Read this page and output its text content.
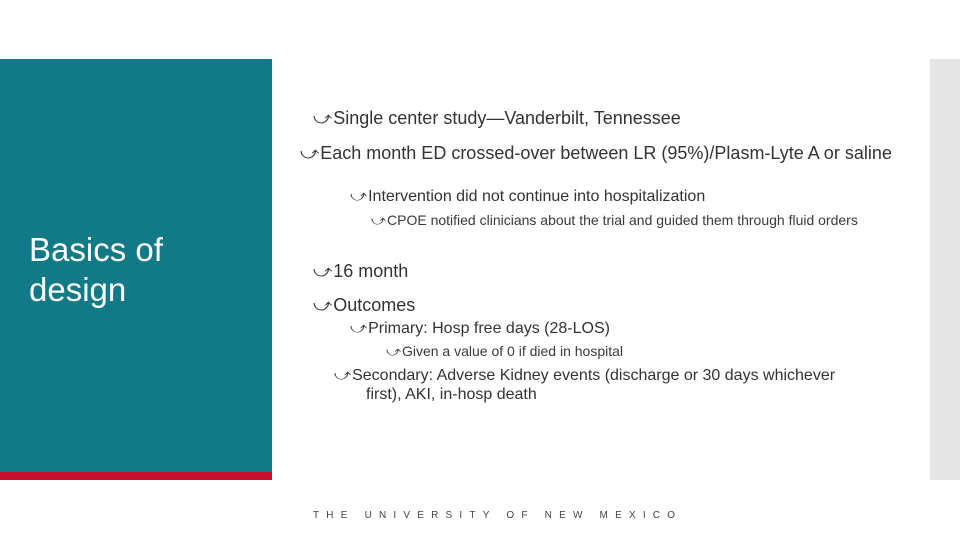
Basics of design
⤻Single center study—Vanderbilt, Tennessee
⤻Each month ED crossed-over between LR (95%)/Plasm-Lyte A or saline
⤻Intervention did not continue into hospitalization
⤻CPOE notified clinicians about the trial and guided them through fluid orders
⤻16 month
⤻Outcomes
⤻Primary: Hosp free days (28-LOS)
⤻Given a value of 0 if died in hospital
⤻Secondary: Adverse Kidney events (discharge or 30 days whichever first), AKI, in-hosp death
THE UNIVERSITY OF NEW MEXICO
